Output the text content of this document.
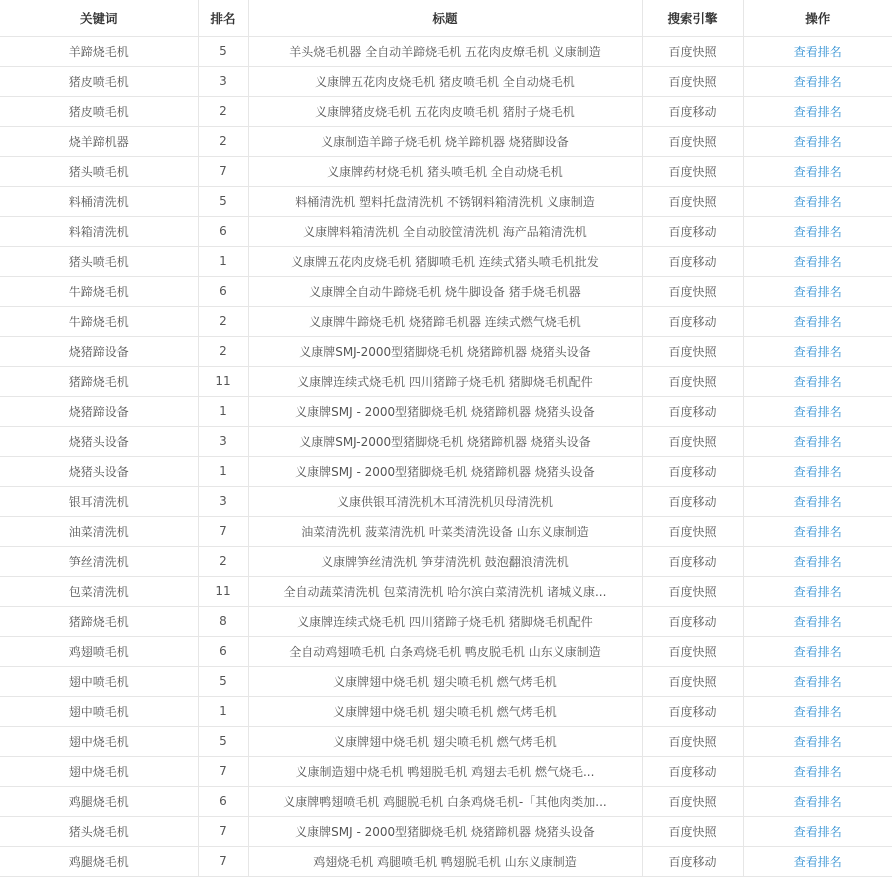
关键词	排名	标题	搜索引擎	操作
羊蹄烧毛机	5	羊头烧毛机器 全自动羊蹄烧毛机 五花肉皮燎毛机 义康制造	百度快照	查看排名
猪皮喷毛机	3	义康牌五花肉皮烧毛机 猪皮喷毛机 全自动烧毛机	百度快照	查看排名
猪皮喷毛机	2	义康牌猪皮烧毛机 五花肉皮喷毛机 猪肘子烧毛机	百度移动	查看排名
烧羊蹄机器	2	义康制造羊蹄子烧毛机 烧羊蹄机器 烧猪脚设备	百度快照	查看排名
猪头喷毛机	7	义康牌药材烧毛机 猪头喷毛机 全自动烧毛机	百度快照	查看排名
料桶清洗机	5	料桶清洗机 塑料托盘清洗机 不锈钢料箱清洗机 义康制造	百度快照	查看排名
料箱清洗机	6	义康牌料箱清洗机 全自动胶筐清洗机 海产品箱清洗机	百度移动	查看排名
猪头喷毛机	1	义康牌五花肉皮烧毛机 猪脚喷毛机 连续式猪头喷毛机批发	百度移动	查看排名
牛蹄烧毛机	6	义康牌全自动牛蹄烧毛机 烧牛脚设备 猪手烧毛机器	百度快照	查看排名
牛蹄烧毛机	2	义康牌牛蹄烧毛机 烧猪蹄毛机器 连续式燃气烧毛机	百度移动	查看排名
烧猪蹄设备	2	义康牌SMJ-2000型猪脚烧毛机 烧猪蹄机器 烧猪头设备	百度快照	查看排名
猪蹄烧毛机	11	义康牌连续式烧毛机 四川猪蹄子烧毛机 猪脚烧毛机配件	百度快照	查看排名
烧猪蹄设备	1	义康牌SMJ - 2000型猪脚烧毛机 烧猪蹄机器 烧猪头设备	百度移动	查看排名
烧猪头设备	3	义康牌SMJ-2000型猪脚烧毛机 烧猪蹄机器 烧猪头设备	百度快照	查看排名
烧猪头设备	1	义康牌SMJ - 2000型猪脚烧毛机 烧猪蹄机器 烧猪头设备	百度移动	查看排名
银耳清洗机	3	义康供银耳清洗机木耳清洗机贝母清洗机	百度移动	查看排名
油菜清洗机	7	油菜清洗机 菠菜清洗机 叶菜类清洗设备 山东义康制造	百度快照	查看排名
笋丝清洗机	2	义康牌笋丝清洗机 笋芽清洗机 鼓泡翻浪清洗机	百度移动	查看排名
包菜清洗机	11	全自动蔬菜清洗机 包菜清洗机 哈尔滨白菜清洗机 诸城义康...	百度快照	查看排名
猪蹄烧毛机	8	义康牌连续式烧毛机 四川猪蹄子烧毛机 猪脚烧毛机配件	百度移动	查看排名
鸡翅喷毛机	6	全自动鸡翅喷毛机 白条鸡烧毛机 鸭皮脱毛机 山东义康制造	百度快照	查看排名
翅中喷毛机	5	义康牌翅中烧毛机 翅尖喷毛机 燃气烤毛机	百度快照	查看排名
翅中喷毛机	1	义康牌翅中烧毛机 翅尖喷毛机 燃气烤毛机	百度移动	查看排名
翅中烧毛机	5	义康牌翅中烧毛机 翅尖喷毛机 燃气烤毛机	百度快照	查看排名
翅中烧毛机	7	义康制造翅中烧毛机 鸭翅脱毛机 鸡翅去毛机 燃气烧毛...	百度移动	查看排名
鸡腿烧毛机	6	义康牌鸭翅喷毛机 鸡腿脱毛机 白条鸡烧毛机-「其他肉类加...	百度快照	查看排名
猪头烧毛机	7	义康牌SMJ - 2000型猪脚烧毛机 烧猪蹄机器 烧猪头设备	百度快照	查看排名
鸡腿烧毛机	7	鸡翅烧毛机 鸡腿喷毛机 鸭翅脱毛机 山东义康制造	百度移动	查看排名
